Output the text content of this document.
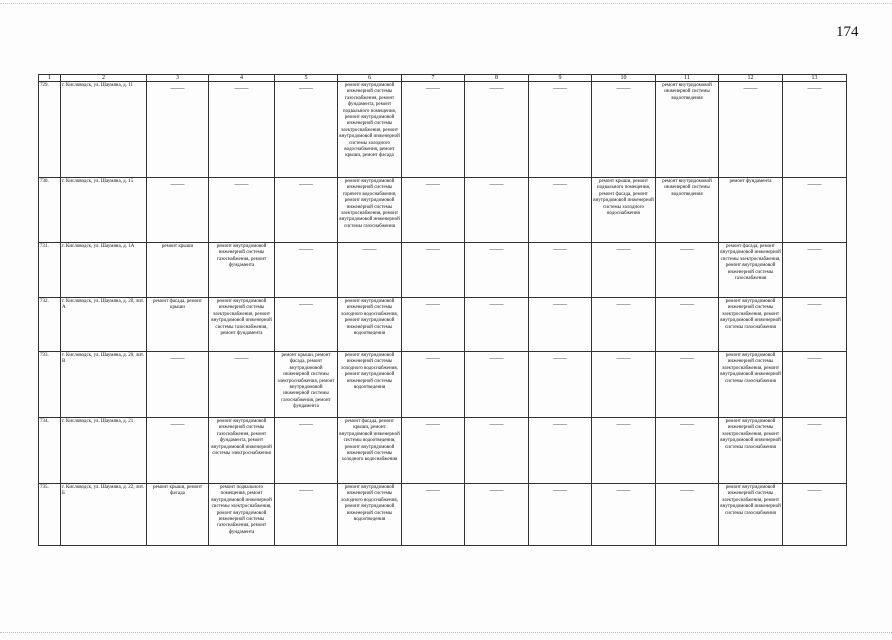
174
1	2	3	4	5	6	7	8	9	10	11	12	13
729.	г. Кисловодск, ул. Шаумяна, д. 11	——	——	——	ремонт внутридомовой инженерной системы газоснабжения, ремонт фундамента, ремонт подвального помещения, ремонт внутридомовой инженерной системы электроснабжения, ремонт внутридомовой инженерной системы холодного водоснабжения, ремонт крыши, ремонт фасада	——	——	——	——	ремонт внутридомовой инженерной системы водоотведения	——	——

730.	г. Кисловодск, ул. Шаумяна, д. 15	——	——	——	ремонт внутридомовой инженерной системы горячего водоснабжения, ремонт внутридомовой инженерной системы электроснабжения, ремонт внутридомовой инженерной системы газоснабжения	——	——	——	ремонт крыши, ремонт подвального помещения, ремонт фасада, ремонт внутридомовой инженерной системы холодного водоснабжения	ремонт внутридомовой инженерной системы водоотведения	ремонт фундамента	——

731.	г. Кисловодск, ул. Шаумяна, д. 1А	ремонт крыши	ремонт внутридомовой инженерной системы газоснабжения, ремонт фундамента	——	——	——	——	——	——	——	ремонт фасада, ремонт внутридомовой инженерной системы электроснабжения, ремонт внутридомовой инженерной системы газоснабжения	——

732.	г. Кисловодск, ул. Шаумяна, д. 20, лит. А	ремонт фасада, ремонт крыши	ремонт внутридомовой инженерной системы электроснабжения, ремонт внутридомовой инженерной системы газоснабжения, ремонт фундамента	——	ремонт внутридомовой инженерной системы холодного водоснабжения, ремонт внутридомовой инженерной системы водоотведения	——	——	——	——	——	ремонт внутридомовой инженерной системы электроснабжения, ремонт внутридомовой инженерной системы газоснабжения	——

733.	г. Кисловодск, ул. Шаумяна, д. 20, лит. В	——	——	ремонт крыши, ремонт фасада, ремонт внутридомовой инженерной системы электроснабжения, ремонт внутридомовой инженерной системы газоснабжения, ремонт фундамента	ремонт внутридомовой инженерной системы холодного водоснабжения, ремонт внутридомовой инженерной системы водоотведения	——	——	——	——	——	ремонт внутридомовой инженерной системы электроснабжения, ремонт внутридомовой инженерной системы газоснабжения	——

734.	г. Кисловодск, ул. Шаумяна, д. 21	——	ремонт внутридомовой инженерной системы газоснабжения, ремонт фундамента, ремонт внутридомовой инженерной системы электроснабжения	——	ремонт фасада, ремонт крыши, ремонт внутридомовой инженерной системы водоотведения, ремонт внутридомовой инженерной системы холодного водоснабжения	——	——	——	——	——	ремонт внутридомовой инженерной системы электроснабжения, ремонт внутридомовой инженерной системы газоснабжения	——

735.	г. Кисловодск, ул. Шаумяна, д. 22, лит. Б	ремонт крыши, ремонт фасада	ремонт подвального помещения, ремонт внутридомовой инженерной системы электроснабжения, ремонт внутридомовой инженерной системы газоснабжения, ремонт фундамента	——	ремонт внутридомовой инженерной системы холодного водоснабжения, ремонт внутридомовой инженерной системы водоотведения	——	——	——	——	——	ремонт внутридомовой инженерной системы электроснабжения, ремонт внутридомовой инженерной системы газоснабжения	——
